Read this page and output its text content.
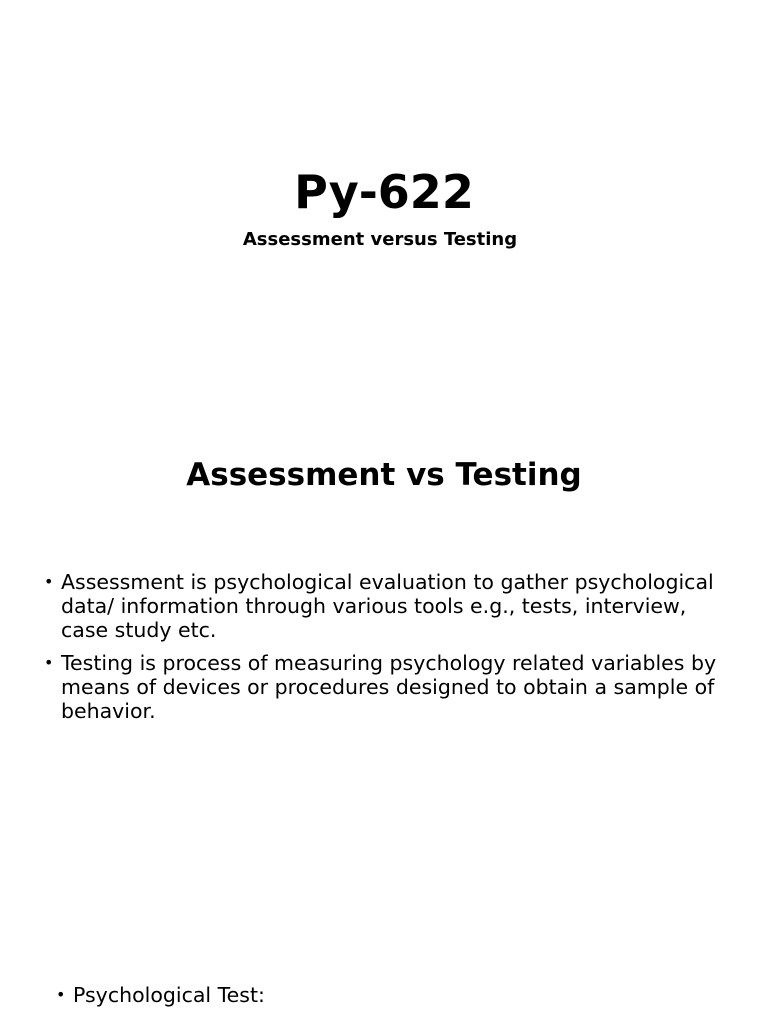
Py-622

Assessment versus Testing

Assessment vs Testing
• Assessment is psychological evaluation to gather psychological data/ information through various tools e.g., tests, interview, case study etc.
• Testing is process of measuring psychology related variables by means of devices or procedures designed to obtain a sample of behavior.
• Psychological Test:
